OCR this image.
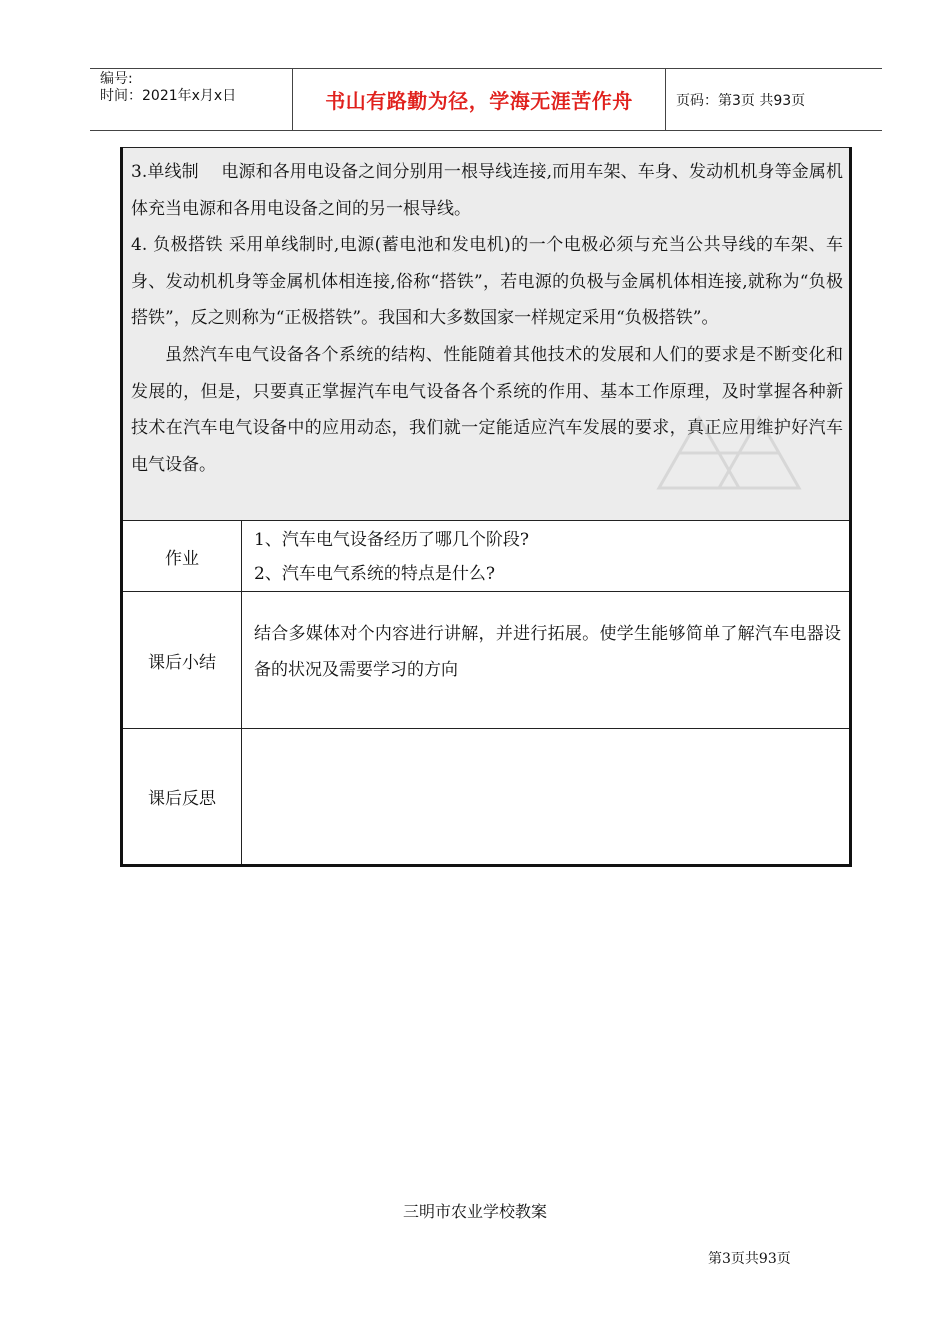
编号:
时间：2021年x月x日	书山有路勤为径，学海无涯苦作舟	页码：第3页 共93页

3.单线制　 电源和各用电设备之间分别用一根导线连接,而用车架、车身、发动机机身等金属机体充当电源和各用电设备之间的另一根导线。

4. 负极搭铁 采用单线制时,电源(蓄电池和发电机)的一个电极必须与充当公共导线的车架、车身、发动机机身等金属机体相连接,俗称“搭铁”，若电源的负极与金属机体相连接,就称为“负极搭铁”，反之则称为“正极搭铁”。我国和大多数国家一样规定采用“负极搭铁”。

虽然汽车电气设备各个系统的结构、性能随着其他技术的发展和人们的要求是不断变化和发展的，但是，只要真正掌握汽车电气设备各个系统的作用、基本工作原理，及时掌握各种新技术在汽车电气设备中的应用动态，我们就一定能适应汽车发展的要求，真正应用维护好汽车电气设备。	

作业	1、汽车电气设备经历了哪几个阶段?
2、汽车电气系统的特点是什么?

课后小结	结合多媒体对个内容进行讲解，并进行拓展。使学生能够简单了解汽车电器设备的状况及需要学习的方向

课后反思	
三明市农业学校教案
第3页共93页
